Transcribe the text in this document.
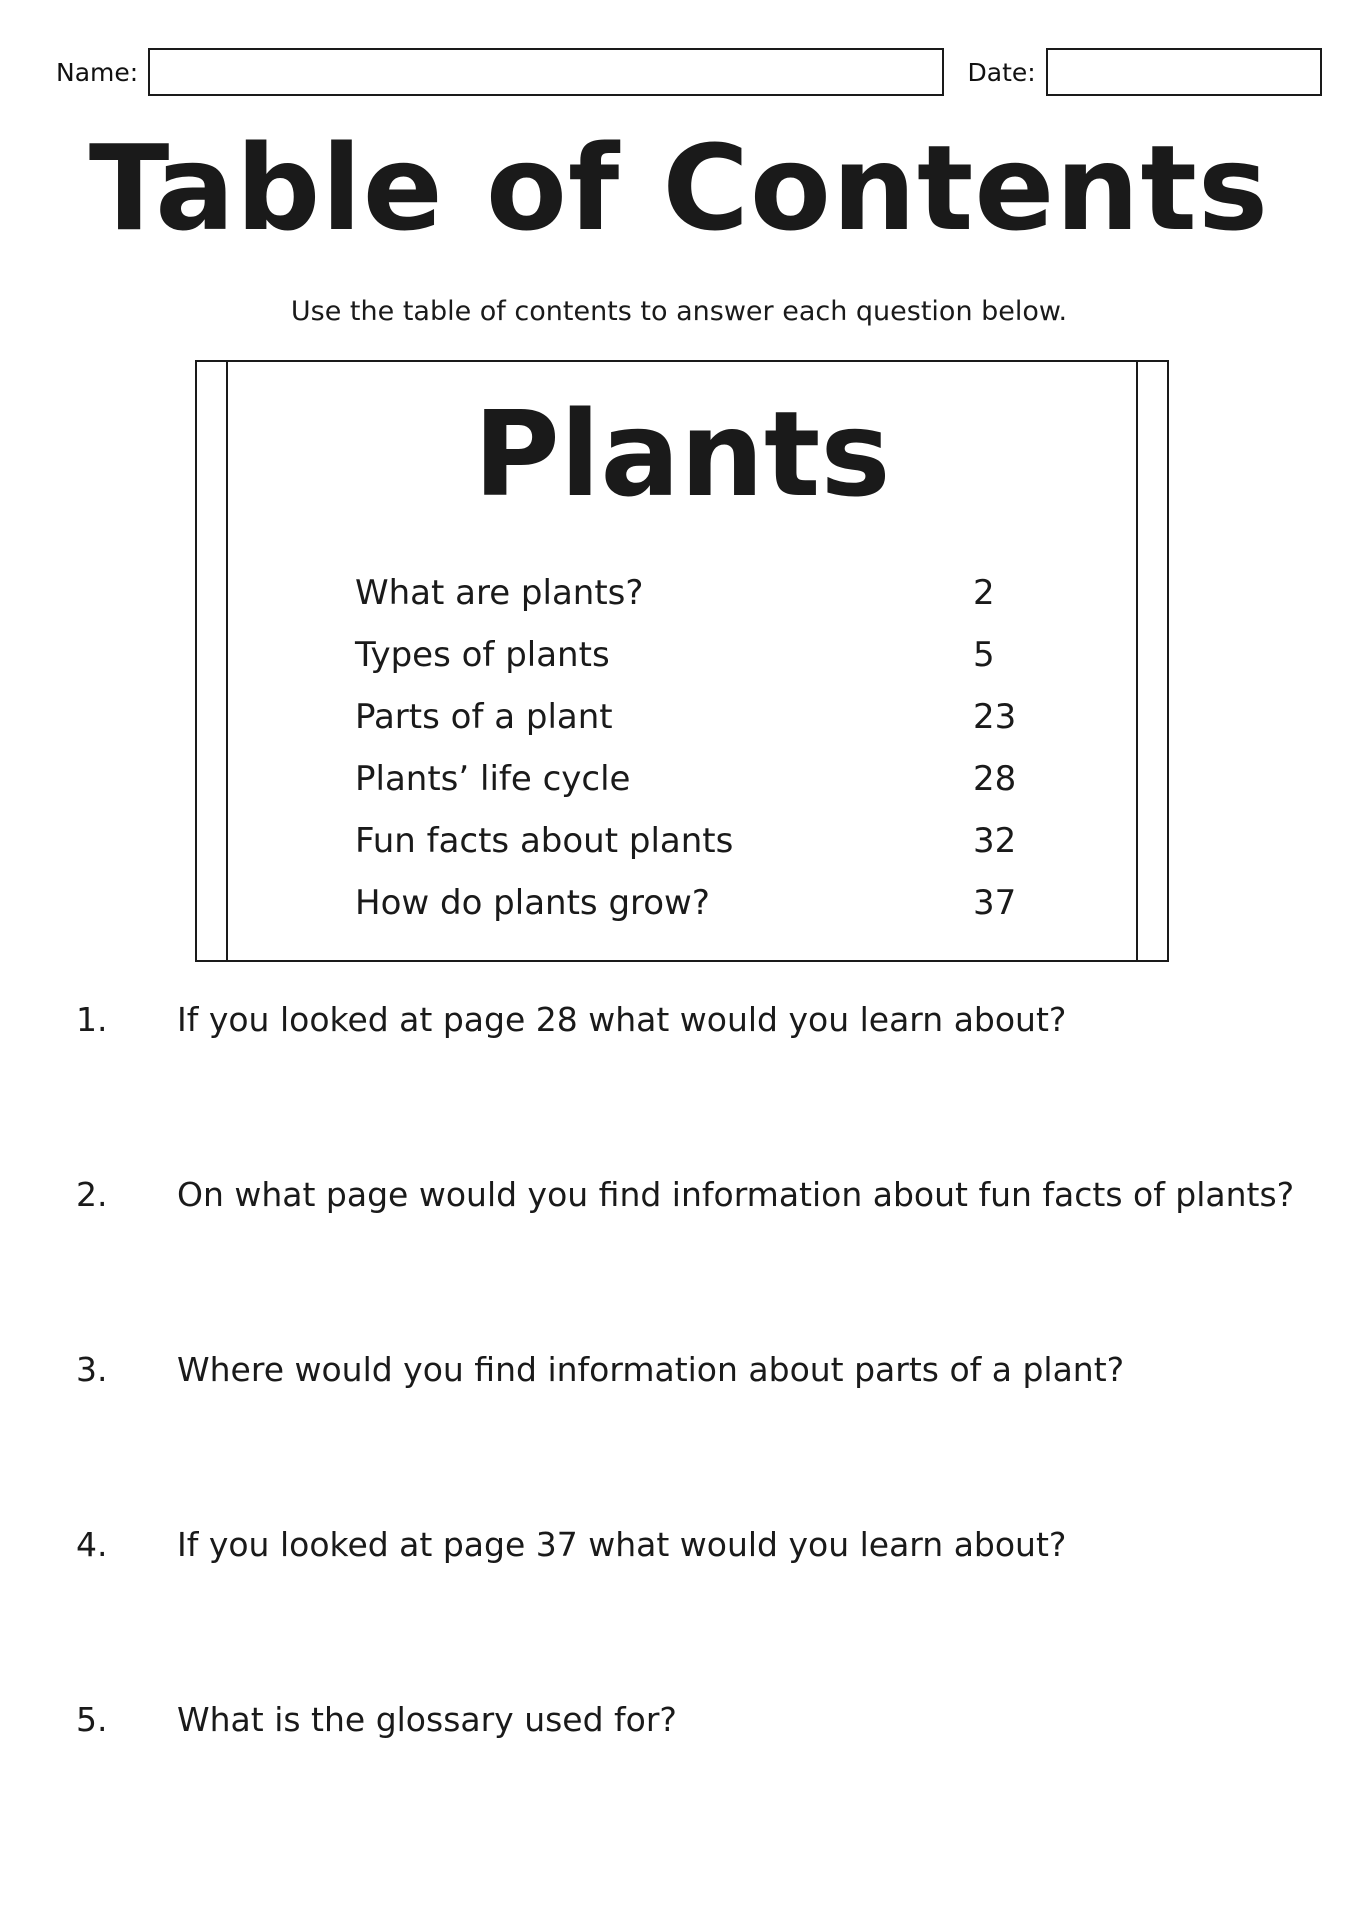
Name:	Date:
Table of Contents
Use the table of contents to answer each question below.
Plants
What are plants?	2
Types of plants	5
Parts of a plant	23
Plants’ life cycle	28
Fun facts about plants	32
How do plants grow?	37
1.	If you looked at page 28 what would you learn about?
2.	On what page would you find information about fun facts of plants?
3.	Where would you find information about parts of a plant?
4.	If you looked at page 37 what would you learn about?
5.	What is the glossary used for?
